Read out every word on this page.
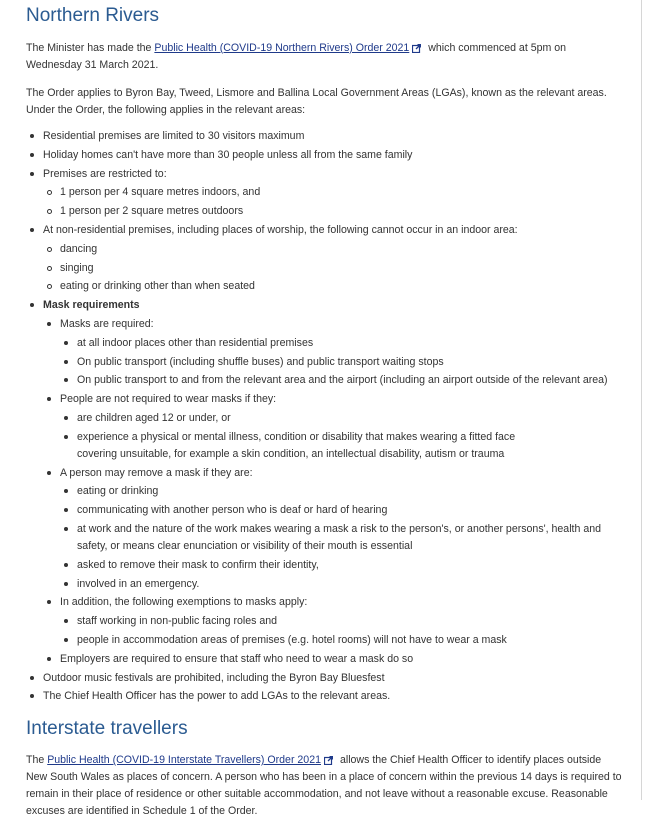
Northern Rivers

The Minister has made the Public Health (COVID-19 Northern Rivers) Order 2021 which commenced at 5pm on Wednesday 31 March 2021.

The Order applies to Byron Bay, Tweed, Lismore and Ballina Local Government Areas (LGAs), known as the relevant areas. Under the Order, the following applies in the relevant areas:

Residential premises are limited to 30 visitors maximum
Holiday homes can't have more than 30 people unless all from the same family
Premises are restricted to:
1 person per 4 square metres indoors, and
1 person per 2 square metres outdoors
At non-residential premises, including places of worship, the following cannot occur in an indoor area:
dancing
singing
eating or drinking other than when seated
Mask requirements
Masks are required:
at all indoor places other than residential premises
On public transport (including shuffle buses) and public transport waiting stops
On public transport to and from the relevant area and the airport (including an airport outside of the relevant area)
People are not required to wear masks if they:
are children aged 12 or under, or
experience a physical or mental illness, condition or disability that makes wearing a fitted face covering unsuitable, for example a skin condition, an intellectual disability, autism or trauma
A person may remove a mask if they are:
eating or drinking
communicating with another person who is deaf or hard of hearing
at work and the nature of the work makes wearing a mask a risk to the person's, or another persons', health and safety, or means clear enunciation or visibility of their mouth is essential
asked to remove their mask to confirm their identity,
involved in an emergency.
In addition, the following exemptions to masks apply:
staff working in non-public facing roles and
people in accommodation areas of premises (e.g. hotel rooms) will not have to wear a mask
Employers are required to ensure that staff who need to wear a mask do so
Outdoor music festivals are prohibited, including the Byron Bay Bluesfest
The Chief Health Officer has the power to add LGAs to the relevant areas.
Interstate travellers

The Public Health (COVID-19 Interstate Travellers) Order 2021 allows the Chief Health Officer to identify places outside New South Wales as places of concern. A person who has been in a place of concern within the previous 14 days is required to remain in their place of residence or other suitable accommodation, and not leave without a reasonable excuse. Reasonable excuses are identified in Schedule 1 of the Order.
